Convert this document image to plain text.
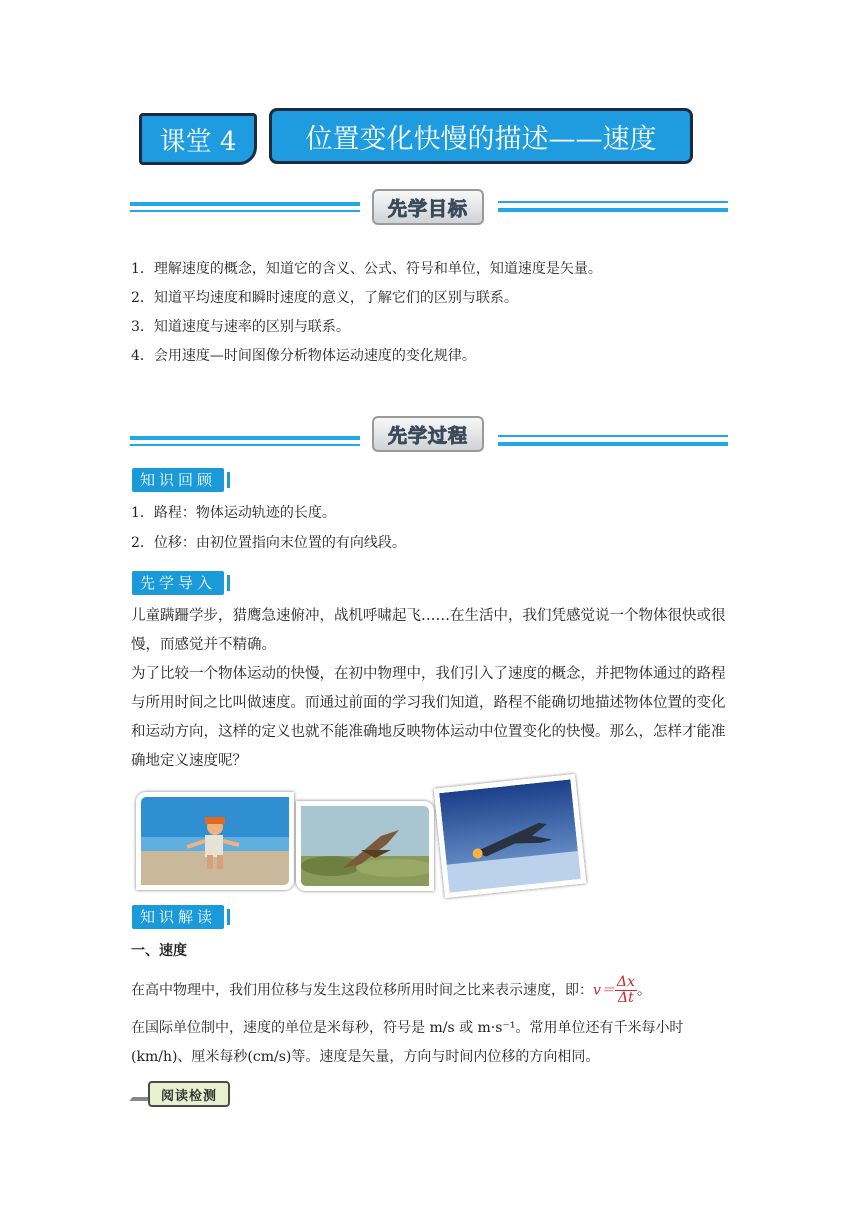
课堂 4	位置变化快慢的描述——速度
先学目标
1．理解速度的概念，知道它的含义、公式、符号和单位，知道速度是矢量。
2．知道平均速度和瞬时速度的意义，了解它们的区别与联系。
3．知道速度与速率的区别与联系。
4．会用速度—时间图像分析物体运动速度的变化规律。
先学过程
知识回顾
1．路程：物体运动轨迹的长度。
2．位移：由初位置指向末位置的有向线段。
先学导入
儿童蹒跚学步，猎鹰急速俯冲，战机呼啸起飞……在生活中，我们凭感觉说一个物体很快或很慢，而感觉并不精确。
为了比较一个物体运动的快慢，在初中物理中，我们引入了速度的概念，并把物体通过的路程与所用时间之比叫做速度。而通过前面的学习我们知道，路程不能确切地描述物体位置的变化和运动方向，这样的定义也就不能准确地反映物体运动中位置变化的快慢。那么，怎样才能准确地定义速度呢？
知识解读
一、速度
在高中物理中，我们用位移与发生这段位移所用时间之比来表示速度，即：$v= \frac{\Delta x}{\Delta t}$ 。
在国际单位制中，速度的单位是米每秒，符号是 m/s 或 m·s⁻¹。常用单位还有千米每小时
(km/h)、厘米每秒(cm/s)等。速度是矢量，方向与时间内位移的方向相同。
阅读检测
